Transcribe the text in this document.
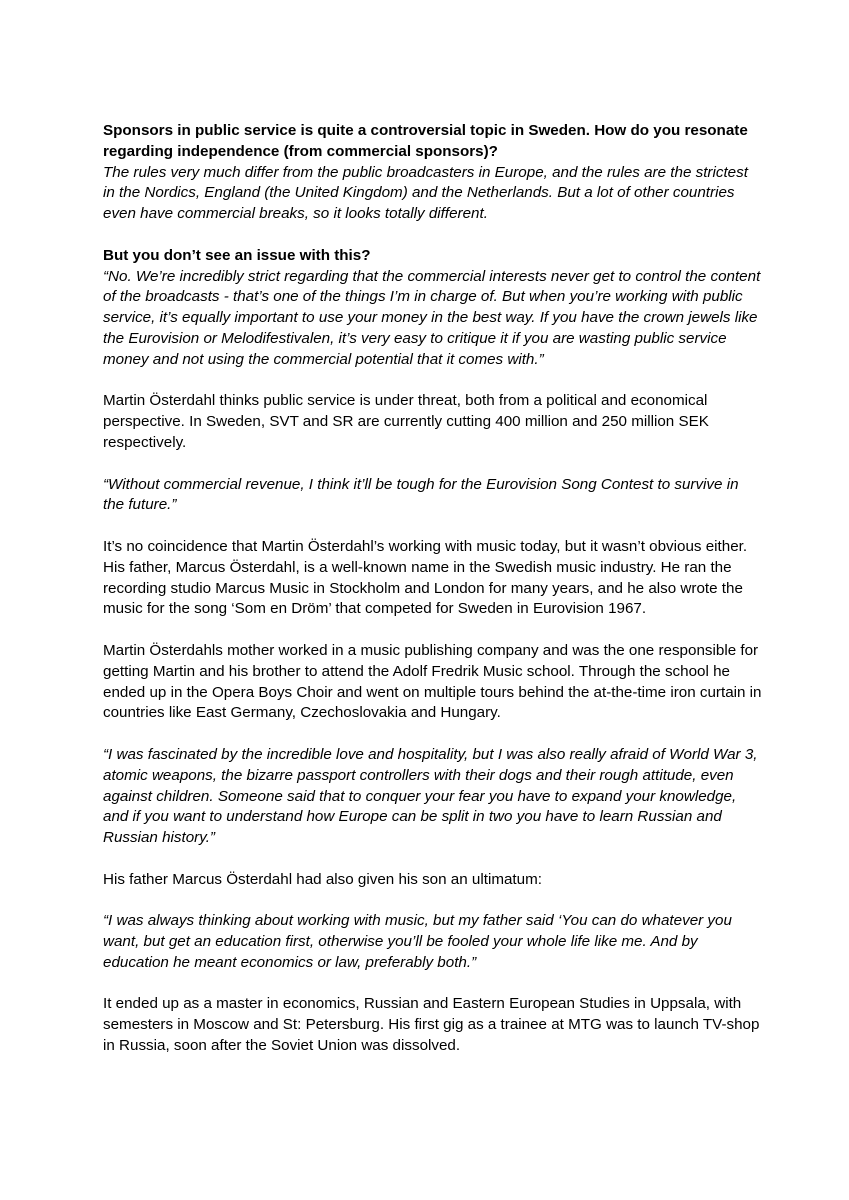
Sponsors in public service is quite a controversial topic in Sweden. How do you resonate regarding independence (from commercial sponsors)?

The rules very much differ from the public broadcasters in Europe, and the rules are the strictest in the Nordics, England (the United Kingdom) and the Netherlands. But a lot of other countries even have commercial breaks, so it looks totally different.

But you don’t see an issue with this?

“No. We’re incredibly strict regarding that the commercial interests never get to control the content of the broadcasts - that’s one of the things I’m in charge of. But when you’re working with public service, it’s equally important to use your money in the best way. If you have the crown jewels like the Eurovision or Melodifestivalen, it’s very easy to critique it if you are wasting public service money and not using the commercial potential that it comes with.”

Martin Österdahl thinks public service is under threat, both from a political and economical perspective. In Sweden, SVT and SR are currently cutting 400 million and 250 million SEK respectively.

“Without commercial revenue, I think it’ll be tough for the Eurovision Song Contest to survive in the future.”

It’s no coincidence that Martin Österdahl’s working with music today, but it wasn’t obvious either. His father, Marcus Österdahl, is a well-known name in the Swedish music industry. He ran the recording studio Marcus Music in Stockholm and London for many years, and he also wrote the music for the song ‘Som en Dröm’ that competed for Sweden in Eurovision 1967.

Martin Österdahls mother worked in a music publishing company and was the one responsible for getting Martin and his brother to attend the Adolf Fredrik Music school. Through the school he ended up in the Opera Boys Choir and went on multiple tours behind the at-the-time iron curtain in countries like East Germany, Czechoslovakia and Hungary.

“I was fascinated by the incredible love and hospitality, but I was also really afraid of World War 3, atomic weapons, the bizarre passport controllers with their dogs and their rough attitude, even against children. Someone said that to conquer your fear you have to expand your knowledge, and if you want to understand how Europe can be split in two you have to learn Russian and Russian history.”

His father Marcus Österdahl had also given his son an ultimatum:

“I was always thinking about working with music, but my father said ‘You can do whatever you want, but get an education first, otherwise you’ll be fooled your whole life like me. And by education he meant economics or law, preferably both.”

It ended up as a master in economics, Russian and Eastern European Studies in Uppsala, with semesters in Moscow and St: Petersburg. His first gig as a trainee at MTG was to launch TV-shop in Russia, soon after the Soviet Union was dissolved.
